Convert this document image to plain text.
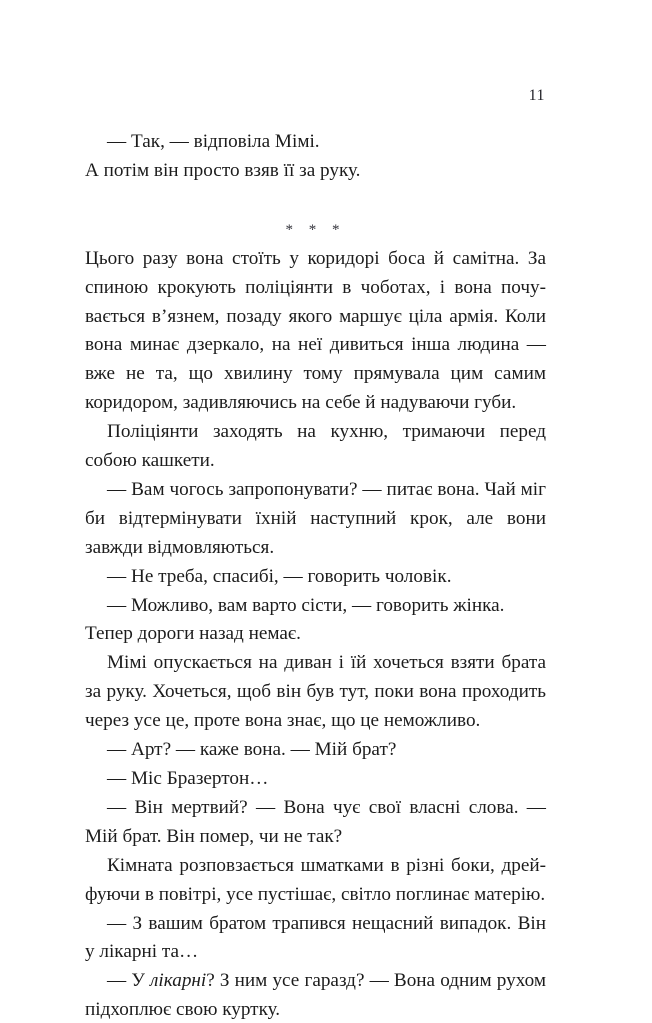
11

— Так, — відповіла Мімі.

А потім він просто взяв її за руку.

* * *

Цього разу вона стоїть у коридорі боса й самітна. За спиною крокують поліціянти в чоботах, і вона почувається в’язнем, позаду якого маршує ціла армія. Коли вона минає дзеркало, на неї дивиться інша людина — вже не та, що хвилину тому прямувала цим самим коридором, задивляючись на себе й надуваючи губи.

Поліціянти заходять на кухню, тримаючи перед собою кашкети.

— Вам чогось запропонувати? — питає вона. Чай міг би відтермінувати їхній наступний крок, але вони завжди відмовляються.

— Не треба, спасибі, — говорить чоловік.

— Можливо, вам варто сісти, — говорить жінка.

Тепер дороги назад немає.

Мімі опускається на диван і їй хочеться взяти брата за руку. Хочеться, щоб він був тут, поки вона проходить через усе це, проте вона знає, що це неможливо.

— Арт? — каже вона. — Мій брат?

— Міс Бразертон…

— Він мертвий? — Вона чує свої власні слова. — Мій брат. Він помер, чи не так?

Кімната розповзається шматками в різні боки, дрейфуючи в повітрі, усе пустішає, світло поглинає матерію.

— З вашим братом трапився нещасний випадок. Він у лікарні та…

— У лікарні? З ним усе гаразд? — Вона одним рухом підхоплює свою куртку.
